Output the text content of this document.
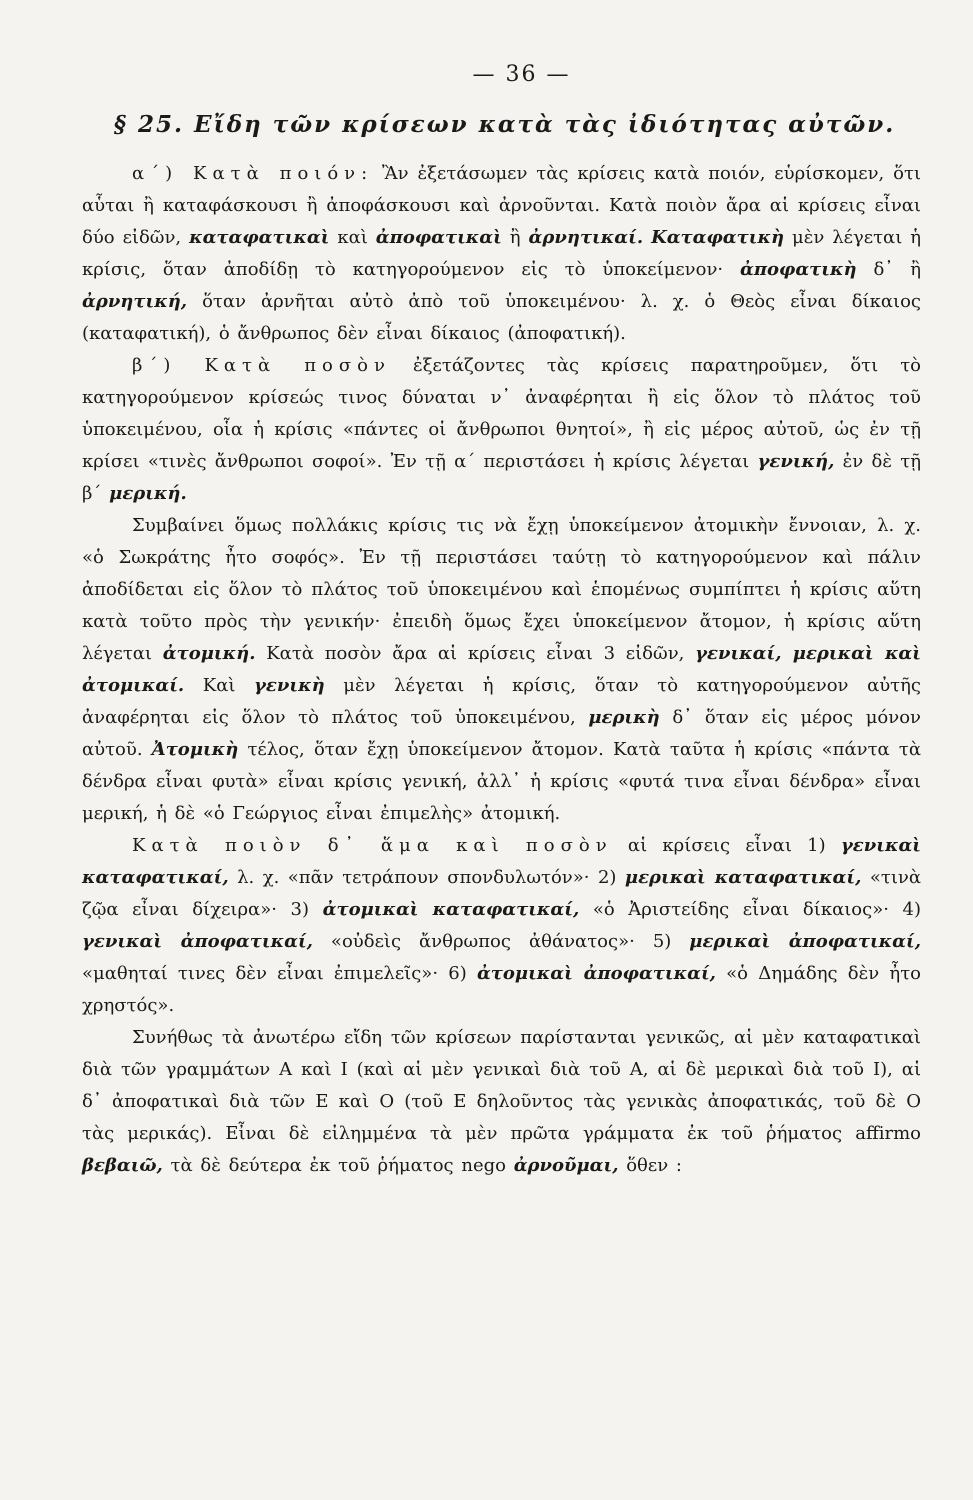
— 36 —
§ 25. Εἴδη τῶν κρίσεων κατὰ τὰς ἰδιότητας αὐτῶν.

α΄) Κατὰ ποιόν: Ἂν ἐξετάσωμεν τὰς κρίσεις κατὰ ποιόν, εὑρίσκομεν, ὅτι αὗται ἢ καταφάσκουσι ἢ ἀποφάσκουσι καὶ ἀρνοῦνται. Κατὰ ποιὸν ἄρα αἱ κρίσεις εἶναι δύο εἰδῶν, καταφατικαὶ καὶ ἀποφατικαὶ ἢ ἀρνητικαί. Καταφατικὴ μὲν λέγεται ἡ κρίσις, ὅταν ἀποδίδῃ τὸ κατηγορούμενον εἰς τὸ ὑποκείμενον· ἀποφατικὴ δ᾽ ἢ ἀρνητική, ὅταν ἀρνῆται αὐτὸ ἀπὸ τοῦ ὑποκειμένου· λ. χ. ὁ Θεὸς εἶναι δίκαιος (καταφατική), ὁ ἄνθρωπος δὲν εἶναι δίκαιος (ἀποφατική).

β΄) Κατὰ ποσὸν ἐξετάζοντες τὰς κρίσεις παρατηροῦμεν, ὅτι τὸ κατηγορούμενον κρίσεώς τινος δύναται ν᾽ ἀναφέρηται ἢ εἰς ὅλον τὸ πλάτος τοῦ ὑποκειμένου, οἷα ἡ κρίσις «πάντες οἱ ἄνθρωποι θνητοί», ἢ εἰς μέρος αὐτοῦ, ὡς ἐν τῇ κρίσει «τινὲς ἄνθρωποι σοφοί». Ἐν τῇ α΄ περιστάσει ἡ κρίσις λέγεται γενική, ἐν δὲ τῇ β΄ μερική.

Συμβαίνει ὅμως πολλάκις κρίσις τις νὰ ἔχῃ ὑποκείμενον ἀτομικὴν ἔννοιαν, λ. χ. «ὁ Σωκράτης ἦτο σοφός». Ἐν τῇ περιστάσει ταύτῃ τὸ κατηγορούμενον καὶ πάλιν ἀποδίδεται εἰς ὅλον τὸ πλάτος τοῦ ὑποκειμένου καὶ ἑπομένως συμπίπτει ἡ κρίσις αὕτη κατὰ τοῦτο πρὸς τὴν γενικήν· ἐπειδὴ ὅμως ἔχει ὑποκείμενον ἄτομον, ἡ κρίσις αὕτη λέγεται ἀτομική. Κατὰ ποσὸν ἄρα αἱ κρίσεις εἶναι 3 εἰδῶν, γενικαί, μερικαὶ καὶ ἀτομικαί. Καὶ γενικὴ μὲν λέγεται ἡ κρίσις, ὅταν τὸ κατηγορούμενον αὐτῆς ἀναφέρηται εἰς ὅλον τὸ πλάτος τοῦ ὑποκειμένου, μερικὴ δ᾽ ὅταν εἰς μέρος μόνον αὐτοῦ. Ἀτομικὴ τέλος, ὅταν ἔχῃ ὑποκείμενον ἄτομον. Κατὰ ταῦτα ἡ κρίσις «πάντα τὰ δένδρα εἶναι φυτὰ» εἶναι κρίσις γενική, ἀλλ᾽ ἡ κρίσις «φυτά τινα εἶναι δένδρα» εἶναι μερική, ἡ δὲ «ὁ Γεώργιος εἶναι ἐπιμελὴς» ἀτομική.

Κατὰ ποιὸν δ᾽ ἅμα καὶ ποσὸν αἱ κρίσεις εἶναι 1) γενικαὶ καταφατικαί, λ. χ. «πᾶν τετράπουν σπονδυλωτόν»· 2) μερικαὶ καταφατικαί, «τινὰ ζῷα εἶναι δίχειρα»· 3) ἀτομικαὶ καταφατικαί, «ὁ Ἀριστείδης εἶναι δίκαιος»· 4) γενικαὶ ἀποφατικαί, «οὐδεὶς ἄνθρωπος ἀθάνατος»· 5) μερικαὶ ἀποφατικαί, «μαθηταί τινες δὲν εἶναι ἐπιμελεῖς»· 6) ἀτομικαὶ ἀποφατικαί, «ὁ Δημάδης δὲν ἦτο χρηστός».

Συνήθως τὰ ἀνωτέρω εἴδη τῶν κρίσεων παρίστανται γενικῶς, αἱ μὲν καταφατικαὶ διὰ τῶν γραμμάτων Α καὶ Ι (καὶ αἱ μὲν γενικαὶ διὰ τοῦ Α, αἱ δὲ μερικαὶ διὰ τοῦ Ι), αἱ δ᾽ ἀποφατικαὶ διὰ τῶν Ε καὶ Ο (τοῦ Ε δηλοῦντος τὰς γενικὰς ἀποφατικάς, τοῦ δὲ Ο τὰς μερικάς). Εἶναι δὲ εἰλημμένα τὰ μὲν πρῶτα γράμματα ἐκ τοῦ ῥήματος affirmo βεβαιῶ, τὰ δὲ δεύτερα ἐκ τοῦ ῥήματος nego ἀρνοῦμαι, ὅθεν :
